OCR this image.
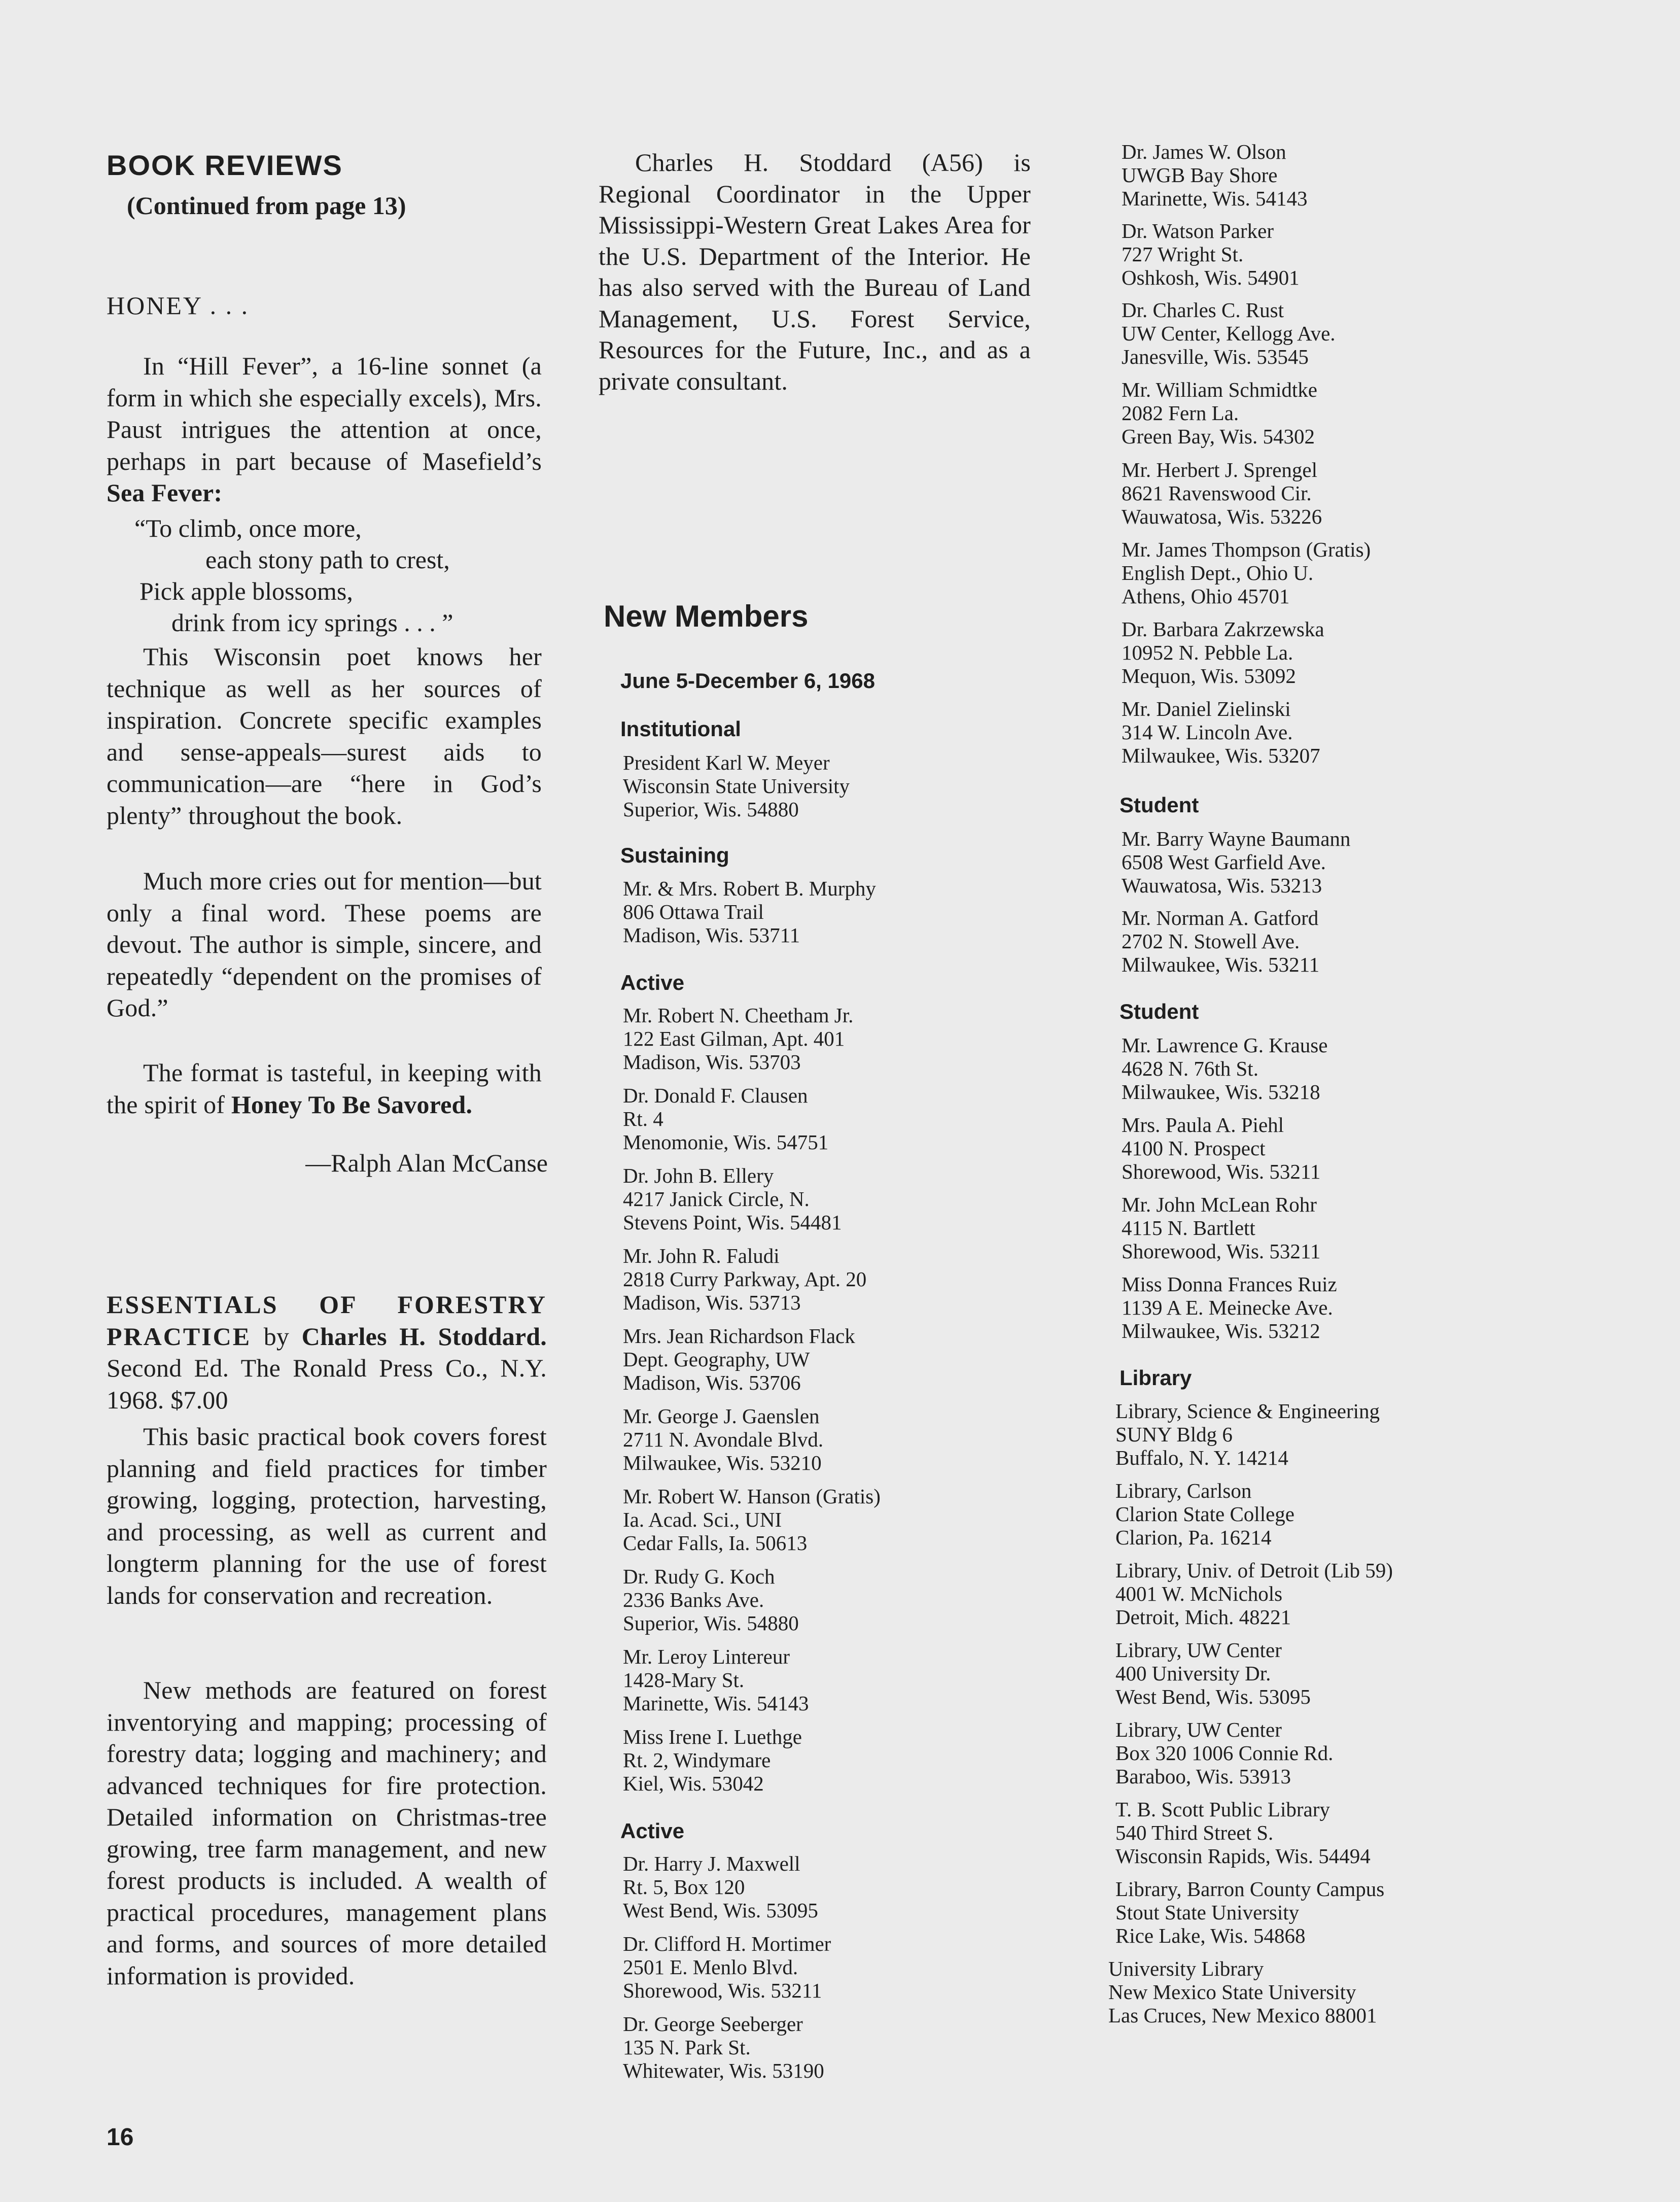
BOOK REVIEWS
(Continued from page 13)
HONEY . . .

In “Hill Fever”, a 16-line sonnet (a form in which she especially excels), Mrs. Paust intrigues the attention at once, perhaps in part because of Masefield’s Sea Fever:

“To climb, once more,

each stony path to crest,

Pick apple blossoms,

drink from icy springs . . . ”

This Wisconsin poet knows her technique as well as her sources of inspiration. Concrete specific examples and sense-appeals—surest aids to communication—are “here in God’s plenty” throughout the book.

Much more cries out for mention—but only a final word. These poems are devout. The author is simple, sincere, and repeatedly “dependent on the promises of God.”

The format is tasteful, in keeping with the spirit of Honey To Be Savored.

—Ralph Alan McCanse

ESSENTIALS OF FORESTRY PRACTICE by Charles H. Stoddard. Second Ed. The Ronald Press Co., N.Y. 1968. $7.00

This basic practical book covers forest planning and field practices for timber growing, logging, protection, harvesting, and processing, as well as current and longterm planning for the use of forest lands for conservation and recreation.

New methods are featured on forest inventorying and mapping; processing of forestry data; logging and machinery; and advanced techniques for fire protection. Detailed information on Christmas-tree growing, tree farm management, and new forest products is included. A wealth of practical procedures, management plans and forms, and sources of more detailed information is provided.

16

Charles H. Stoddard (A56) is Regional Coordinator in the Upper Mississippi-Western Great Lakes Area for the U.S. Department of the Interior. He has also served with the Bureau of Land Management, U.S. Forest Service, Resources for the Future, Inc., and as a private consultant.

New Members
June 5-December 6, 1968
Institutional

President Karl W. Meyer
Wisconsin State University
Superior, Wis. 54880

Sustaining

Mr. & Mrs. Robert B. Murphy
806 Ottawa Trail
Madison, Wis. 53711

Active

Mr. Robert N. Cheetham Jr.
122 East Gilman, Apt. 401
Madison, Wis. 53703

Dr. Donald F. Clausen
Rt. 4
Menomonie, Wis. 54751

Dr. John B. Ellery
4217 Janick Circle, N.
Stevens Point, Wis. 54481

Mr. John R. Faludi
2818 Curry Parkway, Apt. 20
Madison, Wis. 53713

Mrs. Jean Richardson Flack
Dept. Geography, UW
Madison, Wis. 53706

Mr. George J. Gaenslen
2711 N. Avondale Blvd.
Milwaukee, Wis. 53210

Mr. Robert W. Hanson (Gratis)
Ia. Acad. Sci., UNI
Cedar Falls, Ia. 50613

Dr. Rudy G. Koch
2336 Banks Ave.
Superior, Wis. 54880

Mr. Leroy Lintereur
1428-Mary St.
Marinette, Wis. 54143

Miss Irene I. Luethge
Rt. 2, Windymare
Kiel, Wis. 53042

Active

Dr. Harry J. Maxwell
Rt. 5, Box 120
West Bend, Wis. 53095

Dr. Clifford H. Mortimer
2501 E. Menlo Blvd.
Shorewood, Wis. 53211

Dr. George Seeberger
135 N. Park St.
Whitewater, Wis. 53190

Dr. James W. Olson
UWGB Bay Shore
Marinette, Wis. 54143

Dr. Watson Parker
727 Wright St.
Oshkosh, Wis. 54901

Dr. Charles C. Rust
UW Center, Kellogg Ave.
Janesville, Wis. 53545

Mr. William Schmidtke
2082 Fern La.
Green Bay, Wis. 54302

Mr. Herbert J. Sprengel
8621 Ravenswood Cir.
Wauwatosa, Wis. 53226

Mr. James Thompson (Gratis)
English Dept., Ohio U.
Athens, Ohio 45701

Dr. Barbara Zakrzewska
10952 N. Pebble La.
Mequon, Wis. 53092

Mr. Daniel Zielinski
314 W. Lincoln Ave.
Milwaukee, Wis. 53207

Student

Mr. Barry Wayne Baumann
6508 West Garfield Ave.
Wauwatosa, Wis. 53213

Mr. Norman A. Gatford
2702 N. Stowell Ave.
Milwaukee, Wis. 53211

Student

Mr. Lawrence G. Krause
4628 N. 76th St.
Milwaukee, Wis. 53218

Mrs. Paula A. Piehl
4100 N. Prospect
Shorewood, Wis. 53211

Mr. John McLean Rohr
4115 N. Bartlett
Shorewood, Wis. 53211

Miss Donna Frances Ruiz
1139 A E. Meinecke Ave.
Milwaukee, Wis. 53212

Library

Library, Science & Engineering
SUNY Bldg 6
Buffalo, N. Y. 14214

Library, Carlson
Clarion State College
Clarion, Pa. 16214

Library, Univ. of Detroit (Lib 59)
4001 W. McNichols
Detroit, Mich. 48221

Library, UW Center
400 University Dr.
West Bend, Wis. 53095

Library, UW Center
Box 320 1006 Connie Rd.
Baraboo, Wis. 53913

T. B. Scott Public Library
540 Third Street S.
Wisconsin Rapids, Wis. 54494

Library, Barron County Campus
Stout State University
Rice Lake, Wis. 54868

University Library
New Mexico State University
Las Cruces, New Mexico 88001
